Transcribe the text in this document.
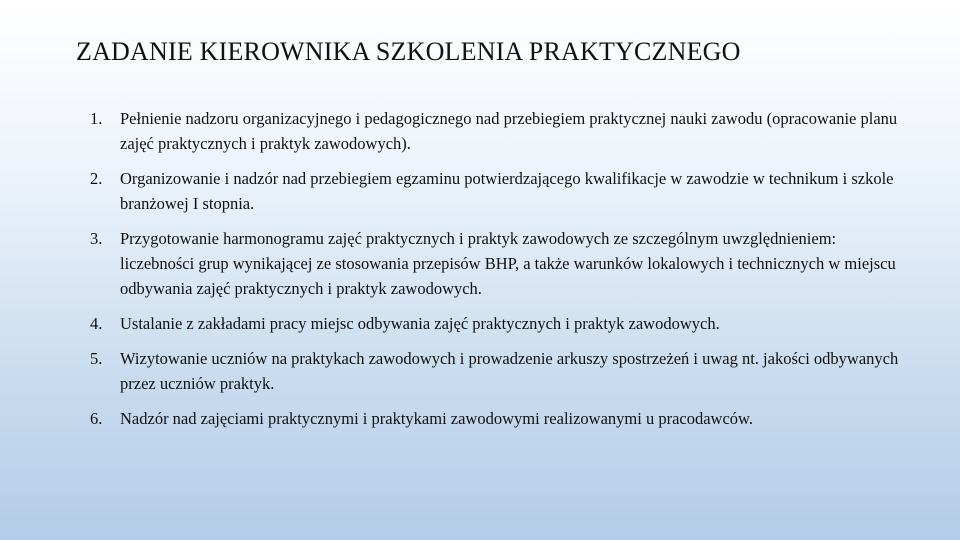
ZADANIE KIEROWNIKA SZKOLENIA PRAKTYCZNEGO
1.	Pełnienie nadzoru organizacyjnego i pedagogicznego nad przebiegiem praktycznej nauki zawodu (opracowanie planu zajęć praktycznych i praktyk zawodowych).
2.	Organizowanie i nadzór nad przebiegiem egzaminu potwierdzającego kwalifikacje w zawodzie w technikum i szkole branżowej I stopnia.
3.	Przygotowanie harmonogramu zajęć praktycznych i praktyk zawodowych ze szczególnym uwzględnieniem: liczebności grup wynikającej ze stosowania przepisów BHP, a także warunków lokalowych i technicznych w miejscu odbywania zajęć praktycznych i praktyk zawodowych.
4.	Ustalanie z zakładami pracy miejsc odbywania zajęć praktycznych i praktyk zawodowych.
5.	Wizytowanie uczniów na praktykach zawodowych i prowadzenie arkuszy spostrzeżeń i uwag nt. jakości odbywanych przez uczniów praktyk.
6.	Nadzór nad zajęciami praktycznymi i praktykami zawodowymi realizowanymi u pracodawców.
